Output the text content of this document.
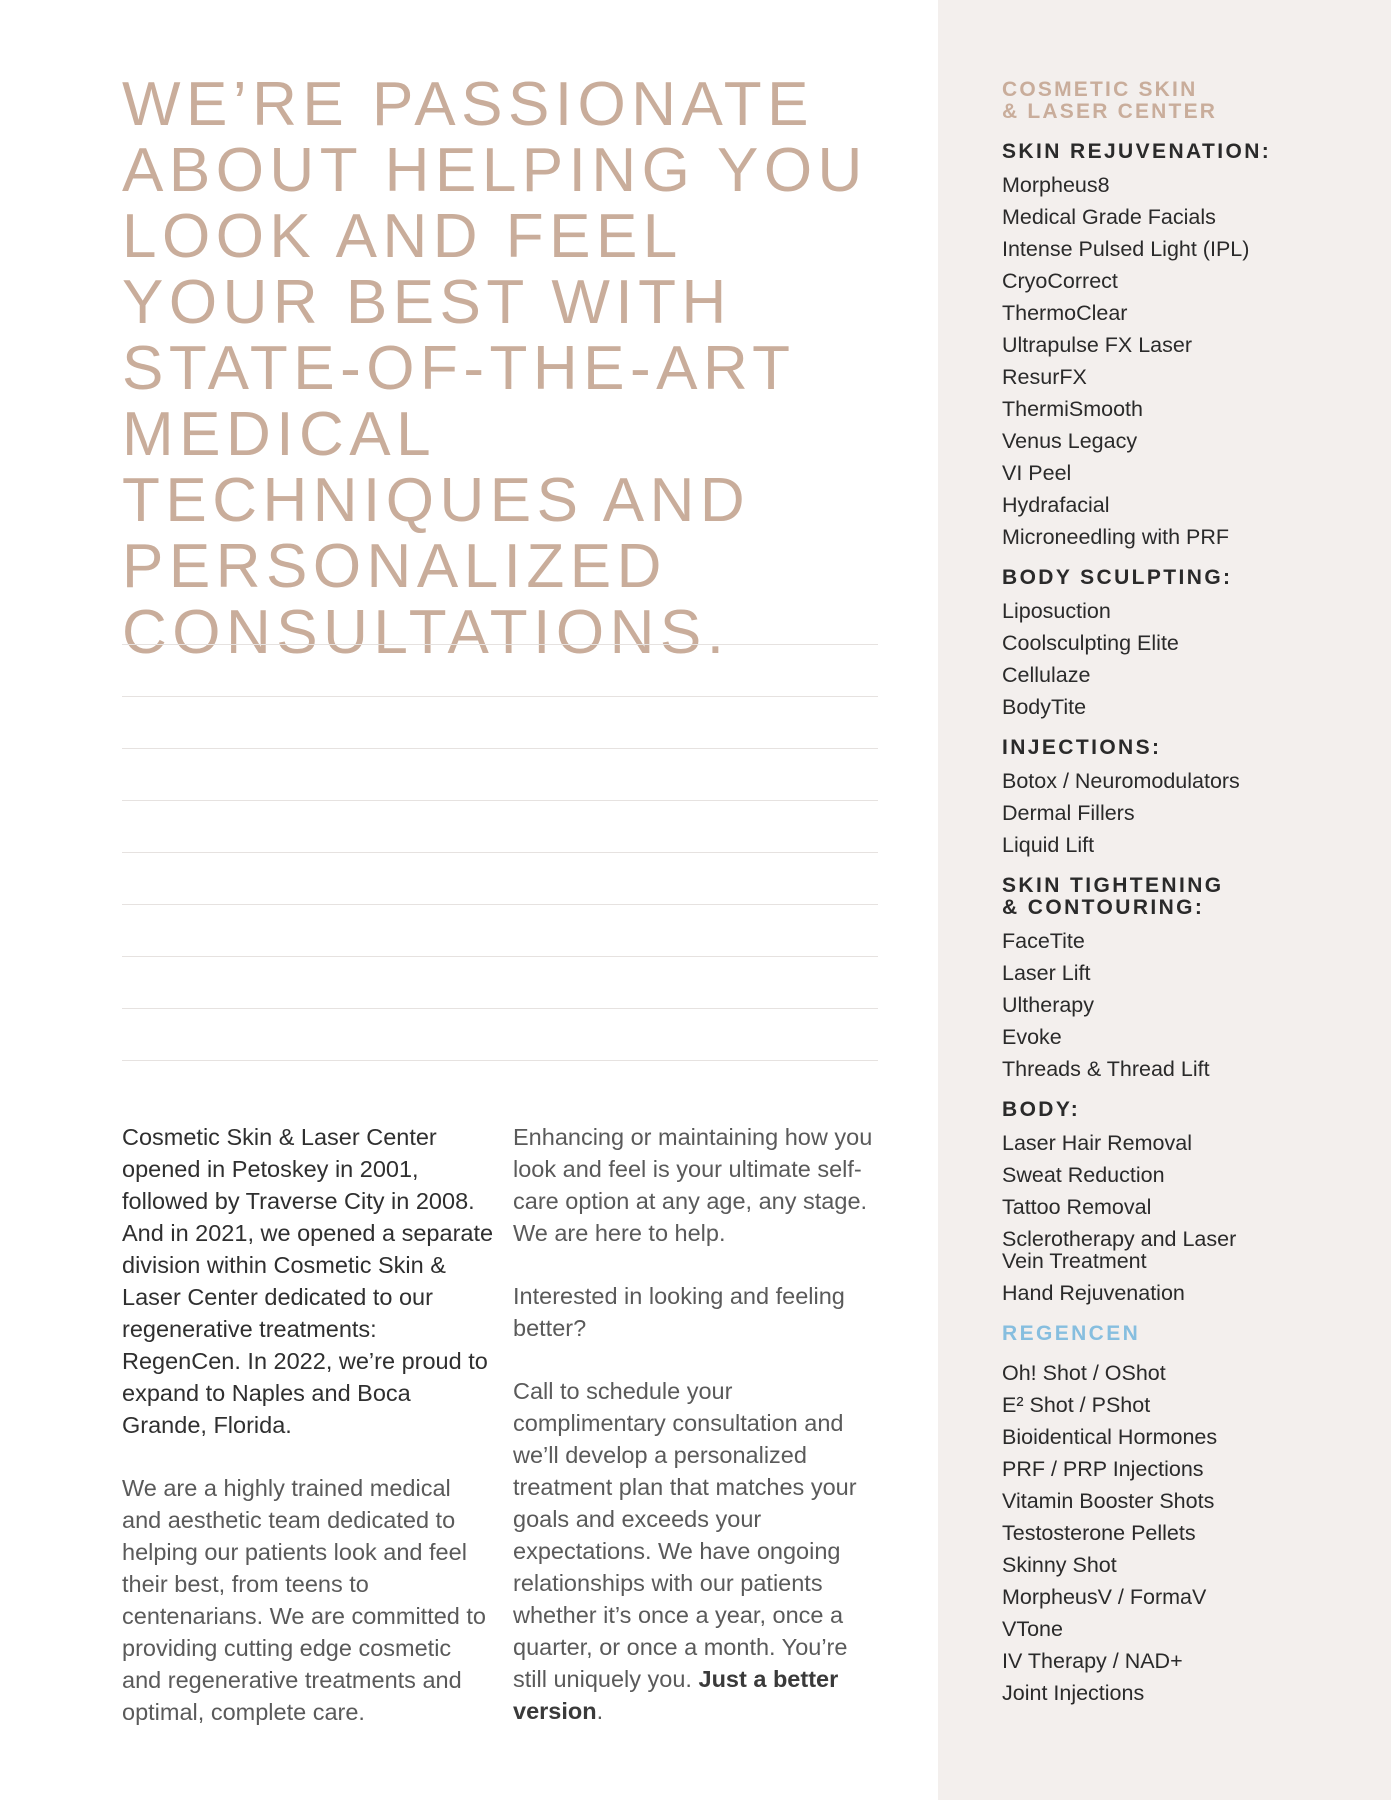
WE’RE PASSIONATE ABOUT HELPING YOU LOOK AND FEEL YOUR BEST WITH STATE-OF-THE-ART MEDICAL TECHNIQUES AND PERSONALIZED CONSULTATIONS.

Cosmetic Skin & Laser Center opened in Petoskey in 2001, followed by Traverse City in 2008. And in 2021, we opened a separate division within Cosmetic Skin & Laser Center dedicated to our regenerative treatments: RegenCen. In 2022, we’re proud to expand to Naples and Boca Grande, Florida.

We are a highly trained medical and aesthetic team dedicated to helping our patients look and feel their best, from teens to centenarians. We are committed to providing cutting edge cosmetic and regenerative treatments and optimal, complete care.

Enhancing or maintaining how you look and feel is your ultimate self-care option at any age, any stage. We are here to help.

Interested in looking and feeling better?

Call to schedule your complimentary consultation and we’ll develop a personalized treatment plan that matches your goals and exceeds your expectations. We have ongoing relationships with our patients whether it’s once a year, once a quarter, or once a month. You’re still uniquely you. Just a better version.

COSMETIC SKIN
& LASER CENTER
SKIN REJUVENATION:
Morpheus8
Medical Grade Facials
Intense Pulsed Light (IPL)
CryoCorrect
ThermoClear
Ultrapulse FX Laser
ResurFX
ThermiSmooth
Venus Legacy
VI Peel
Hydrafacial
Microneedling with PRF
BODY SCULPTING:
Liposuction
Coolsculpting Elite
Cellulaze
BodyTite
INJECTIONS:
Botox / Neuromodulators
Dermal Fillers
Liquid Lift
SKIN TIGHTENING
& CONTOURING:
FaceTite
Laser Lift
Ultherapy
Evoke
Threads & Thread Lift
BODY:
Laser Hair Removal
Sweat Reduction
Tattoo Removal
Sclerotherapy and Laser
Vein Treatment
Hand Rejuvenation
REGENCEN
Oh! Shot / OShot
E² Shot / PShot
Bioidentical Hormones
PRF / PRP Injections
Vitamin Booster Shots
Testosterone Pellets
Skinny Shot
MorpheusV / FormaV
VTone
IV Therapy / NAD+
Joint Injections
